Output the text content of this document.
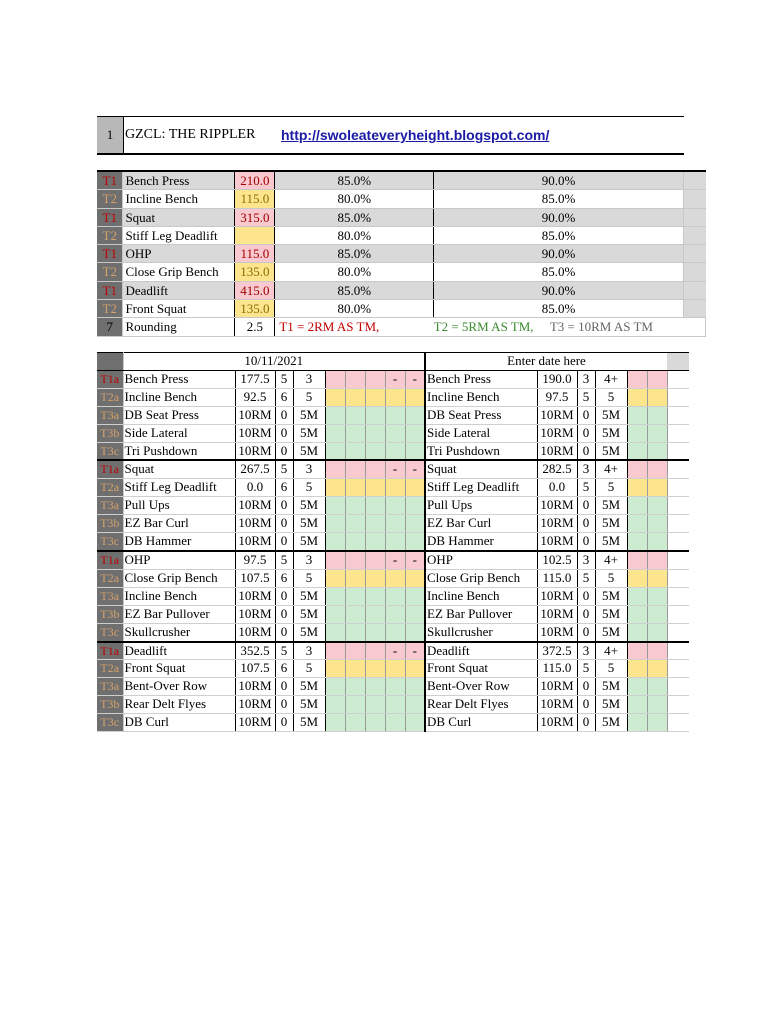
1 GZCL: THE RIPPLER http://swoleateveryheight.blogspot.com/
T1	Bench Press	210.0	85.0%	90.0%	
T2	Incline Bench	115.0	80.0%	85.0%	
T1	Squat	315.0	85.0%	90.0%	
T2	Stiff Leg Deadlift		80.0%	85.0%	
T1	OHP	115.0	85.0%	90.0%	
T2	Close Grip Bench	135.0	80.0%	85.0%	
T1	Deadlift	415.0	85.0%	90.0%	
T2	Front Squat	135.0	80.0%	85.0%	
7	Rounding	2.5	T1 = 2RM AS TM,	T2 = 5RM AS TM, T3 = 10RM AS TM	
	10/11/2021									Enter date here						
T1a	Bench Press	177.5	5	3				-	-	Bench Press	190.0	3	4+			
T2a	Incline Bench	92.5	6	5						Incline Bench	97.5	5	5			
T3a	DB Seat Press	10RM	0	5M						DB Seat Press	10RM	0	5M			
T3b	Side Lateral	10RM	0	5M						Side Lateral	10RM	0	5M			
T3c	Tri Pushdown	10RM	0	5M						Tri Pushdown	10RM	0	5M			
T1a	Squat	267.5	5	3				-	-	Squat	282.5	3	4+			
T2a	Stiff Leg Deadlift	0.0	6	5						Stiff Leg Deadlift	0.0	5	5			
T3a	Pull Ups	10RM	0	5M						Pull Ups	10RM	0	5M			
T3b	EZ Bar Curl	10RM	0	5M						EZ Bar Curl	10RM	0	5M			
T3c	DB Hammer	10RM	0	5M						DB Hammer	10RM	0	5M			
T1a	OHP	97.5	5	3				-	-	OHP	102.5	3	4+			
T2a	Close Grip Bench	107.5	6	5						Close Grip Bench	115.0	5	5			
T3a	Incline Bench	10RM	0	5M						Incline Bench	10RM	0	5M			
T3b	EZ Bar Pullover	10RM	0	5M						EZ Bar Pullover	10RM	0	5M			
T3c	Skullcrusher	10RM	0	5M						Skullcrusher	10RM	0	5M			
T1a	Deadlift	352.5	5	3				-	-	Deadlift	372.5	3	4+			
T2a	Front Squat	107.5	6	5						Front Squat	115.0	5	5			
T3a	Bent-Over Row	10RM	0	5M						Bent-Over Row	10RM	0	5M			
T3b	Rear Delt Flyes	10RM	0	5M						Rear Delt Flyes	10RM	0	5M			
T3c	DB Curl	10RM	0	5M						DB Curl	10RM	0	5M			
